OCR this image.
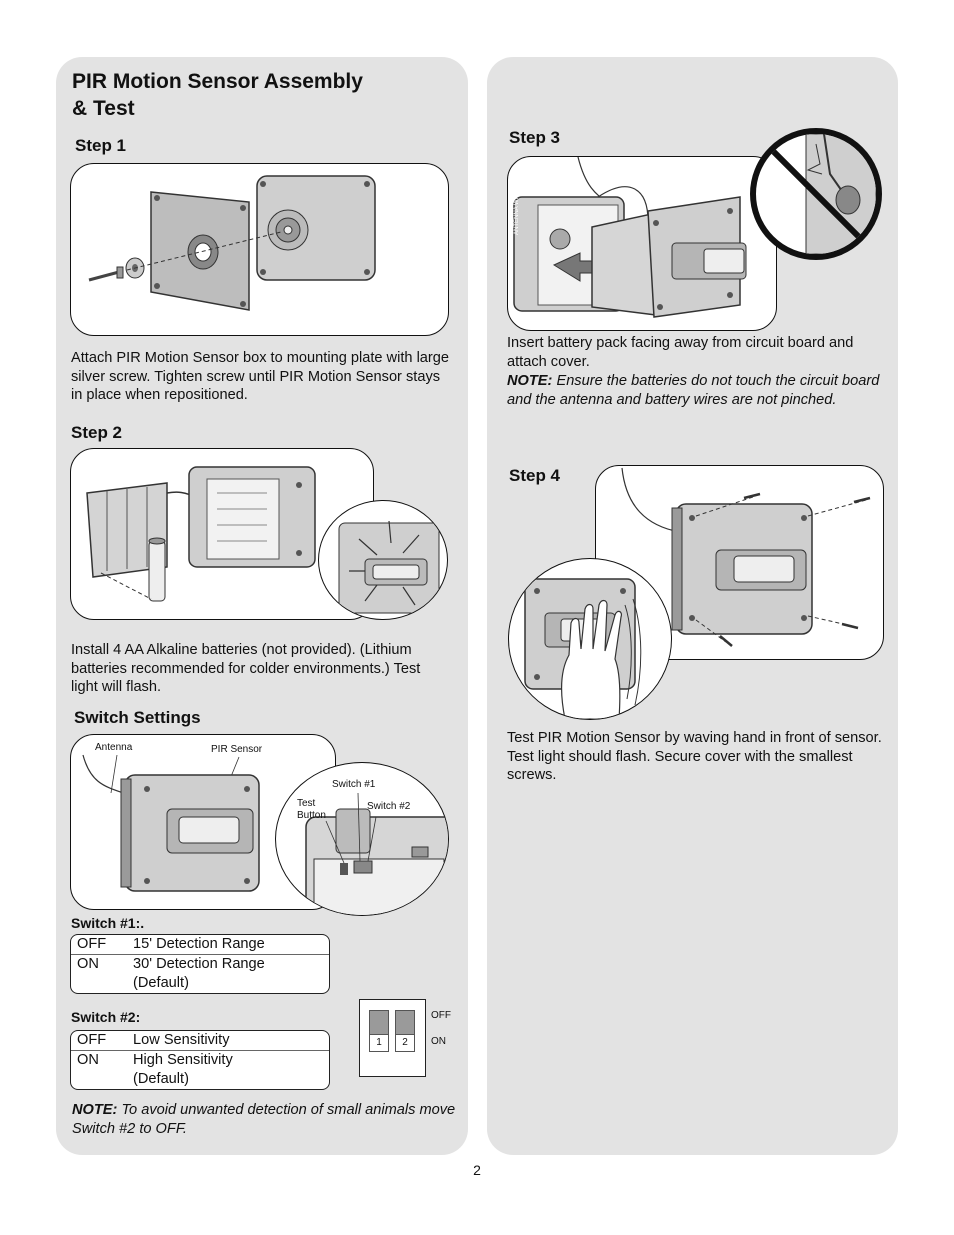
PIR Motion Sensor Assembly
& Test
Step 1
Attach PIR Motion Sensor box to mounting plate with large silver screw. Tighten screw until PIR Motion Sensor stays in place when repositioned.
Step 2
Install 4 AA Alkaline batteries (not provided). (Lithium batteries recommended for colder environments.) Test light will flash.
Switch Settings
Antenna	PIR Sensor
Switch #1
Test
Button
Switch #2
Switch #1:.
OFF	15' Detection Range
ON	30' Detection Range
(Default)
Switch #2:
OFF	Low Sensitivity
ON	High Sensitivity
(Default)
1	2
OFF
ON
NOTE: To avoid unwanted detection of small animals move Switch #2 to OFF.
Step 3
ANTENNA WIRE
Insert battery pack facing away from circuit board and attach cover.
NOTE: Ensure the batteries do not touch the circuit board and the antenna and battery wires are not pinched.
Step 4
Test PIR Motion Sensor by waving hand in front of sensor. Test light should flash. Secure cover with the smallest screws.
2
